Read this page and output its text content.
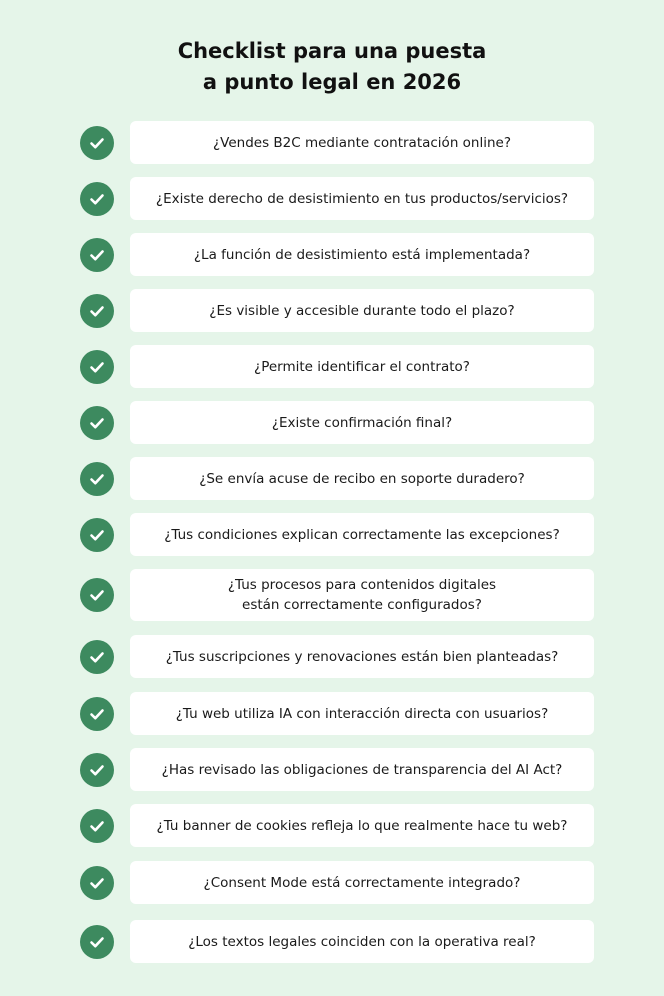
Checklist para una puesta
a punto legal en 2026
¿Vendes B2C mediante contratación online?
¿Existe derecho de desistimiento en tus productos/servicios?
¿La función de desistimiento está implementada?
¿Es visible y accesible durante todo el plazo?
¿Permite identificar el contrato?
¿Existe confirmación final?
¿Se envía acuse de recibo en soporte duradero?
¿Tus condiciones explican correctamente las excepciones?
¿Tus procesos para contenidos digitales
están correctamente configurados?
¿Tus suscripciones y renovaciones están bien planteadas?
¿Tu web utiliza IA con interacción directa con usuarios?
¿Has revisado las obligaciones de transparencia del AI Act?
¿Tu banner de cookies refleja lo que realmente hace tu web?
¿Consent Mode está correctamente integrado?
¿Los textos legales coinciden con la operativa real?
